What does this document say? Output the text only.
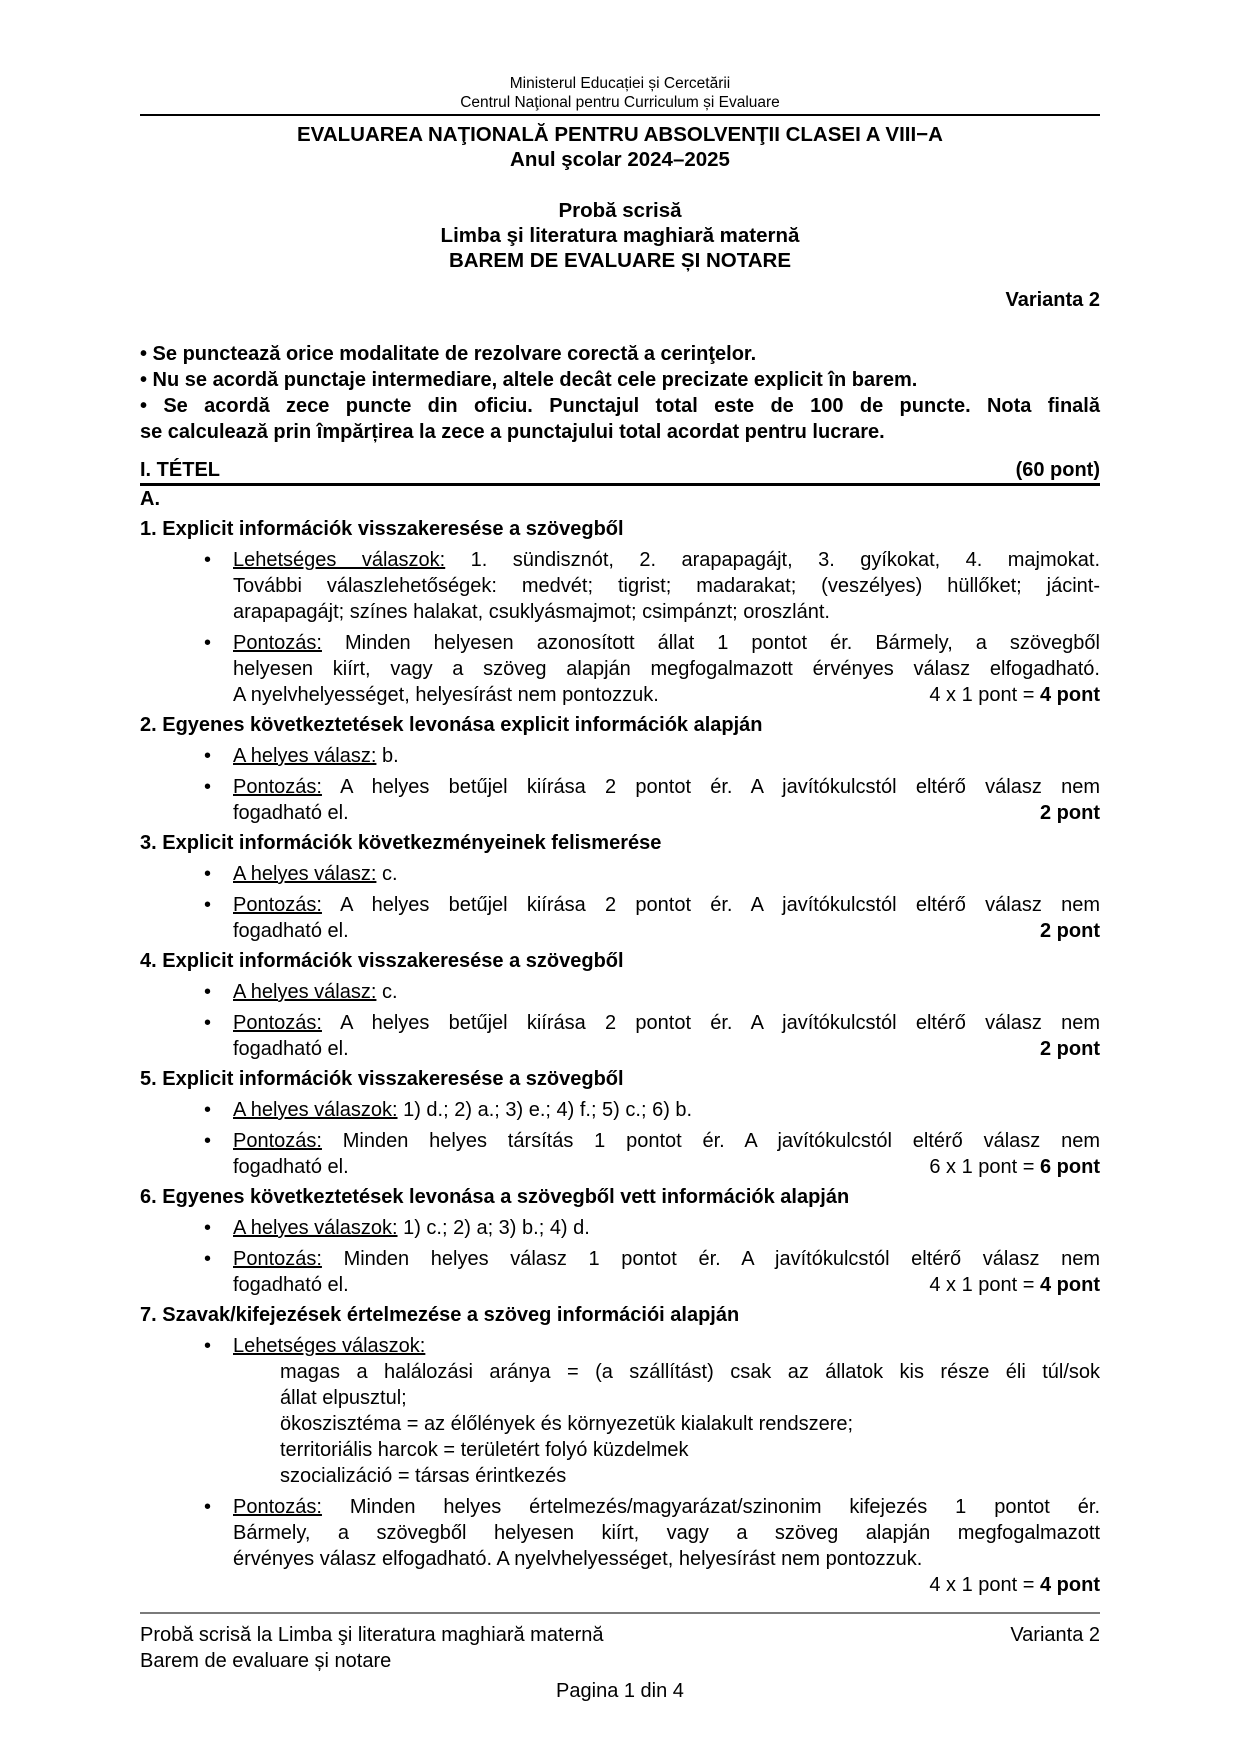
Ministerul Educației și Cercetării
Centrul Naţional pentru Curriculum și Evaluare
EVALUAREA NAŢIONALĂ PENTRU ABSOLVENŢII CLASEI A VIII−A
Anul şcolar 2024–2025
Probă scrisă
Limba şi literatura maghiară maternă
BAREM DE EVALUARE ȘI NOTARE
Varianta 2
• Se punctează orice modalitate de rezolvare corectă a cerinţelor.
• Nu se acordă punctaje intermediare, altele decât cele precizate explicit în barem.
• Se acordă zece puncte din oficiu. Punctajul total este de 100 de puncte. Nota finală
se calculează prin împărțirea la zece a punctajului total acordat pentru lucrare.
I. TÉTEL	(60 pont)
A.
1. Explicit információk visszakeresése a szövegből
• Lehetséges válaszok: 1. sündisznót, 2. arapapagájt, 3. gyíkokat, 4. majmokat.
További válaszlehetőségek: medvét; tigrist; madarakat; (veszélyes) hüllőket; jácint-
arapapagájt; színes halakat, csuklyásmajmot; csimpánzt; oroszlánt.
• Pontozás: Minden helyesen azonosított állat 1 pontot ér. Bármely, a szövegből
helyesen kiírt, vagy a szöveg alapján megfogalmazott érvényes válasz elfogadható.
A nyelvhelyességet, helyesírást nem pontozzuk.	4 x 1 pont = 4 pont
2. Egyenes következtetések levonása explicit információk alapján
• A helyes válasz: b.
• Pontozás: A helyes betűjel kiírása 2 pontot ér. A javítókulcstól eltérő válasz nem
fogadható el.	2 pont
3. Explicit információk következményeinek felismerése
• A helyes válasz: c.
• Pontozás: A helyes betűjel kiírása 2 pontot ér. A javítókulcstól eltérő válasz nem
fogadható el.	2 pont
4. Explicit információk visszakeresése a szövegből
• A helyes válasz: c.
• Pontozás: A helyes betűjel kiírása 2 pontot ér. A javítókulcstól eltérő válasz nem
fogadható el.	2 pont
5. Explicit információk visszakeresése a szövegből
• A helyes válaszok: 1) d.; 2) a.; 3) e.; 4) f.; 5) c.; 6) b.
• Pontozás: Minden helyes társítás 1 pontot ér. A javítókulcstól eltérő válasz nem
fogadható el.	6 x 1 pont = 6 pont
6. Egyenes következtetések levonása a szövegből vett információk alapján
• A helyes válaszok: 1) c.; 2) a; 3) b.; 4) d.
• Pontozás: Minden helyes válasz 1 pontot ér. A javítókulcstól eltérő válasz nem
fogadható el.	4 x 1 pont = 4 pont
7. Szavak/kifejezések értelmezése a szöveg információi alapján
• Lehetséges válaszok:
magas a halálozási aránya = (a szállítást) csak az állatok kis része éli túl/sok
állat elpusztul;
ökoszisztéma = az élőlények és környezetük kialakult rendszere;
territoriális harcok = területért folyó küzdelmek
szocializáció = társas érintkezés
• Pontozás: Minden helyes értelmezés/magyarázat/szinonim kifejezés 1 pontot ér.
Bármely, a szövegből helyesen kiírt, vagy a szöveg alapján megfogalmazott
érvényes válasz elfogadható. A nyelvhelyességet, helyesírást nem pontozzuk.
4 x 1 pont = 4 pont
Probă scrisă la Limba şi literatura maghiară maternă	Varianta 2
Barem de evaluare și notare
Pagina 1 din 4
